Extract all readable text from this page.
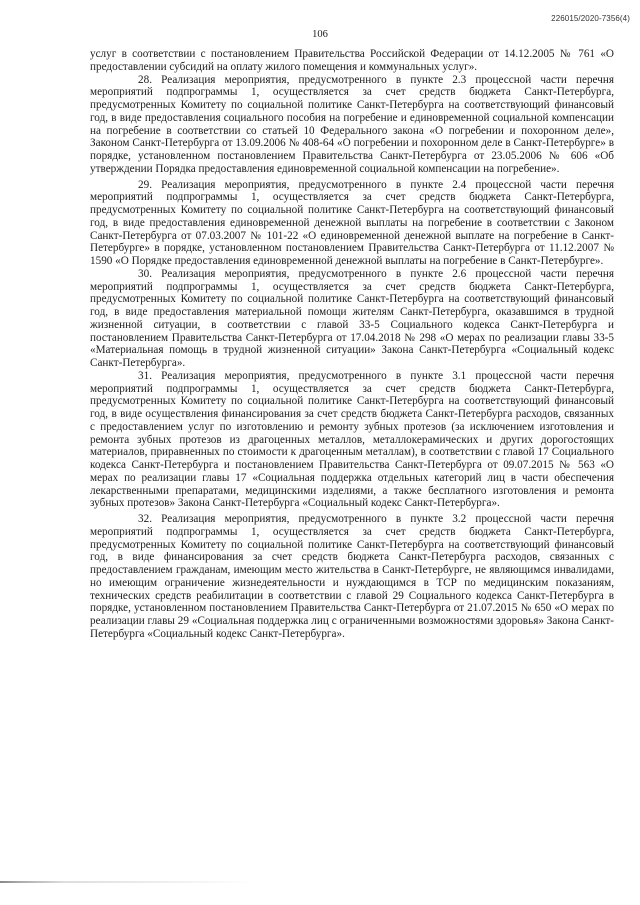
226015/2020-7356(4)
106

услуг в соответствии с постановлением Правительства Российской Федерации от 14.12.2005 № 761 «О предоставлении субсидий на оплату жилого помещения и коммунальных услуг».

28. Реализация мероприятия, предусмотренного в пункте 2.3 процессной части перечня мероприятий подпрограммы 1, осуществляется за счет средств бюджета Санкт-Петербурга, предусмотренных Комитету по социальной политике Санкт-Петербурга на соответствующий финансовый год, в виде предоставления социального пособия на погребение и единовременной социальной компенсации на погребение в соответствии со статьей 10 Федерального закона «О погребении и похоронном деле», Законом Санкт-Петербурга от 13.09.2006 № 408-64 «О погребении и похоронном деле в Санкт-Петербурге» в порядке, установленном постановлением Правительства Санкт-Петербурга от 23.05.2006 № 606 «Об утверждении Порядка предоставления единовременной социальной компенсации на погребение».

29. Реализация мероприятия, предусмотренного в пункте 2.4 процессной части перечня мероприятий подпрограммы 1, осуществляется за счет средств бюджета Санкт-Петербурга, предусмотренных Комитету по социальной политике Санкт-Петербурга на соответствующий финансовый год, в виде предоставления единовременной денежной выплаты на погребение в соответствии с Законом Санкт-Петербурга от 07.03.2007 № 101-22 «О единовременной денежной выплате на погребение в Санкт-Петербурге» в порядке, установленном постановлением Правительства Санкт-Петербурга от 11.12.2007 № 1590 «О Порядке предоставления единовременной денежной выплаты на погребение в Санкт-Петербурге».

30. Реализация мероприятия, предусмотренного в пункте 2.6 процессной части перечня мероприятий подпрограммы 1, осуществляется за счет средств бюджета Санкт-Петербурга, предусмотренных Комитету по социальной политике Санкт-Петербурга на соответствующий финансовый год, в виде предоставления материальной помощи жителям Санкт-Петербурга, оказавшимся в трудной жизненной ситуации, в соответствии с главой 33-5 Социального кодекса Санкт-Петербурга и постановлением Правительства Санкт-Петербурга от 17.04.2018 № 298 «О мерах по реализации главы 33-5 «Материальная помощь в трудной жизненной ситуации» Закона Санкт-Петербурга «Социальный кодекс Санкт-Петербурга».

31. Реализация мероприятия, предусмотренного в пункте 3.1 процессной части перечня мероприятий подпрограммы 1, осуществляется за счет средств бюджета Санкт-Петербурга, предусмотренных Комитету по социальной политике Санкт-Петербурга на соответствующий финансовый год, в виде осуществления финансирования за счет средств бюджета Санкт-Петербурга расходов, связанных с предоставлением услуг по изготовлению и ремонту зубных протезов (за исключением изготовления и ремонта зубных протезов из драгоценных металлов, металлокерамических и других дорогостоящих материалов, приравненных по стоимости к драгоценным металлам), в соответствии с главой 17 Социального кодекса Санкт-Петербурга и постановлением Правительства Санкт-Петербурга от 09.07.2015 № 563 «О мерах по реализации главы 17 «Социальная поддержка отдельных категорий лиц в части обеспечения лекарственными препаратами, медицинскими изделиями, а также бесплатного изготовления и ремонта зубных протезов» Закона Санкт-Петербурга «Социальный кодекс Санкт-Петербурга».

32. Реализация мероприятия, предусмотренного в пункте 3.2 процессной части перечня мероприятий подпрограммы 1, осуществляется за счет средств бюджета Санкт-Петербурга, предусмотренных Комитету по социальной политике Санкт-Петербурга на соответствующий финансовый год, в виде финансирования за счет средств бюджета Санкт-Петербурга расходов, связанных с предоставлением гражданам, имеющим место жительства в Санкт-Петербурге, не являющимся инвалидами, но имеющим ограничение жизнедеятельности и нуждающимся в ТСР по медицинским показаниям, технических средств реабилитации в соответствии с главой 29 Социального кодекса Санкт-Петербурга в порядке, установленном постановлением Правительства Санкт-Петербурга от 21.07.2015 № 650 «О мерах по реализации главы 29 «Социальная поддержка лиц с ограниченными возможностями здоровья» Закона Санкт-Петербурга «Социальный кодекс Санкт-Петербурга».
